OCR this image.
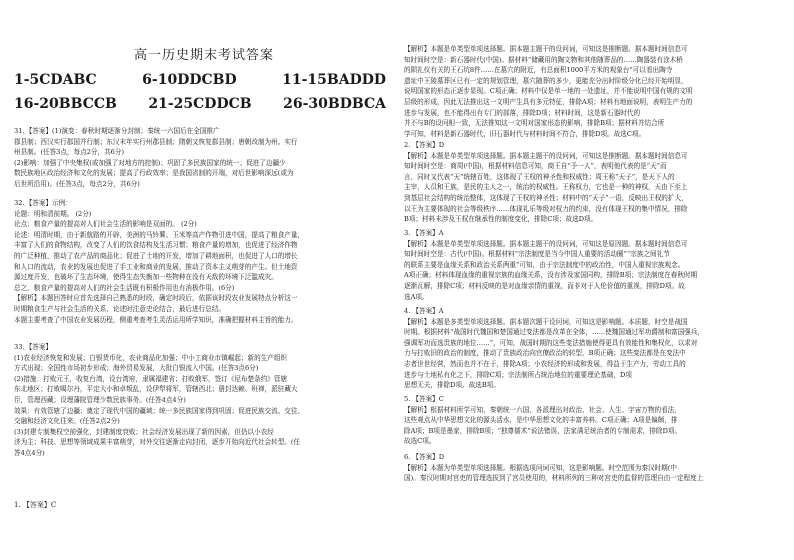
高一历史期末考试答案
1-5CDABC	6-10DDCBD	11-15BADDD
16-20BBCCB 21-25CDDCB 26-30BDBCA

31、【答案】(1)演变：春秋时期逐渐分封制；秦统一六国后在全国推广

郡县制；西汉实行郡国并行制；东汉末年实行州郡县制；隋朝又恢复郡县制；唐朝改制为州。实行

州县制。(任答3点，每点2分，共6分)

(2)影响：加强了中央集权(或加强了对地方的控制)；巩固了多民族国家的统一；促进了边疆少

数民族地区政治经济和文化的发展；提高了行政效率；是我国省制的开端，对后世影响深远(或为

后世所沿用)。(任答3点，每点2分，共6分)

32、【答案】示例：

论题：明和清前期。 (2分)

论点：粮食产量的提高对人们社会生活的影响是双面的。 (2分)

论述：明清时期，由于新航路的开辟，美洲的马铃薯、玉米等高产作物引进中国，提高了粮食产量，

丰富了人们的食物结构，改变了人们的饮食结构及生活习惯；粮食产量的增加，也促进了经济作物

的广泛种植，推动了农产品的商品化；促进了土地的开发，增加了耕地面积，也促进了人口的增长

和人口的流动，农业的发展也促进了手工业和商业的发展，推动了资本主义萌芽的产生。但土地资

源过度开发，也破坏了生态环境，使得生态失衡加一些物种在没有天敌的环境下泛滥成灾。

总之，粮食产量的提高对人们的社会生活既有积极作用也有消极作用。(6分)

【解析】本题回答时应首先选择自己熟悉的时段，确定时段后，依据该时段农业发展特点分析这一

时期粮食生产与社会生活的关系，论述时注意史论结合，最后进行总结。

本题主要考查了中国农业发展历程，侧重考查考生灵活运用所学知识，准确把握材料主旨的能力。

33、【答案】

(1)农业经济恢复和发展；白银货币化，农业商品化加强；中小工商业市镇崛起；新的生产组织

方式出现；全国性市场初步形成；海外贸易发展，大批白银流入中国。(任答3点6分)

(2)措施：打败元王，收复台湾，设台湾府，隶属福建省；打败俄军，签订《尼布楚条约》管辖

东北地区；打败噶尔丹，平定大小和卓叛乱，设伊犁将军，管辖西北；册封达赖、班禅，派驻藏大

臣，管理西藏；设理藩院管理少数民族事务。(任答4点4分)

效果：有效管辖了边疆；奠定了现代中国的疆域；统一多民族国家得到巩固；促进民族交流、交往、

交融和经济文化往来。(任答2点2分)

(3)封建专制集权空前强化，封建制度衰败；社会经济发展出现了新的因素，但仍以小农经

济为主；科技、思想等领域成果丰富萌芽，对外交往逐渐走向封闭，逐步开始向近代社会转型。(任

答4点4分)

1. 【答案】C

【解析】本题是单类型单项选择题。据本题主题干的设问词，可知这是推断题。据本题时间信息可

知时间时空是：新石器时代(中国)。据材料“储藏用的陶文物和其他随葬品的……陶器装有涂木桥

的陨礼仪有关的王石坑8件……在墓穴的附近，有总面积1000平方米的观象台”可以看出陶寺

遗址中王陵墓葬区已有一定的规划管理，墓穴随葬的多少，更能充分出时阶级分化已经开始明显，

说明国家的形态正逐步显现。C项正确；材料中仅是单一地的一处遗址，并不能说明中国有规的文明

层级的形成，因此无法推出这一文明产生具有多元特征，排除A项；材料有地面说明，表明生产力的

进步与发展，也不能得出有专门的部落，排除D项；材料时间，这是新石器时代的

并不与B的设问相一致，无法推知这一文明对国家形态的影响，排除B项；据材料并结合所

学可知，材料是新石器时代，旧石器时代与材料时间不符合，排除D项。故选C项。

2. 【答案】D

【解析】本题是单类型单项选择题。据本题主题干的设问词，可知这是推断题。据本题时间信息可

知时间时空是：商周(中国)，根据材料信息可知，商王自“予一人”，表明他代表的是“天”而

言，同时又代表“天”统辖百姓，这体现了王权的神圣性和权威性；周王称“天子”，是天下人的

主宰，人员和王族，是民的主人之一，统治的权威性。王称权力，它也是一种的神权，天由下至上

到基层社会结构的统治整体，这体现了王权的神圣性；材料中的“天子”一语，反映出王权的扩大，

以王为主要体现的社会等级秩序……体现礼乐等级对权力的约束，没有体现王权的集中情况，排除

B项；材料未涉及王权在继承性的制度变化，排除C项；故选D项。

3. 【答案】A

【解析】本题是单类型单项选择题。据本题主题干的设问词，可知这是原因题。据本题时间信息可

知时间时空是：古代(中国)。根据材料“宗法制度是当今中国人重要的活动圈”“宗族之间礼节

的联系主要是血缘关系和政治关系两重”可知，由于宗法制度中的政治性，中国人重视宗族观念。

A项正确；材料体现血缘的重视宗族的血缘关系，没有涉及家国同构，排除B项；宗法制度在春秋时期

逐渐瓦解，排除C项；材料反映的是对血缘亲情的重视，而非对于人伦价值的重视，排除D项。故

选A项。

4. 【答案】A

【解析】本题是多类型单项选择题。据本题次题干设问词，可知这是影响题。本质题，时空是战国

时期。根据材料“战国时代魏国和楚国通过变法都是改革在全体，……使魏国通过军功爵制和富国强兵，

强调军功而选贵族的地位……”，可知，战国时期的这些变法措施使得更具有效能性和集权化，以求对

力与打败旧的政治的制度，推动了贵族政治向官僚政治的转型，B项正确；这些变法都是在变法中

志者世世经营，然而也并不在于，排除A项；小农经济的形成和发展，得益于生产力，劳动工具的

进步与土地私有化之下，排除C项；宗法制所占统治地位的重要理论基础，D项

思想无关，排除D项。故选B项。

5. 【答案】C

【解析】根据材料所学可知，秦朝统一六国，各派理出对政治、社会、人生、宇宙万物的看法，

这些观点从中华思想文化的源头活水，是中华思想文化的丰富养料。C项正确；A项是偏颇，排

除A项；B项是墨家，排除B项；“独尊儒术”说法错误，法家满足统治者的专制需求，排除D项。

故选C项。

6. 【答案】D

【解析】本题为单类型单项选择题。根据选项问词可知，这是影响题。时空范围为秦汉时期(中

国)。秦汉时期对宫吏的管理选拔到了宫员使用的，材料所列的三种对宫吏的监督的管理自由一定程度上
